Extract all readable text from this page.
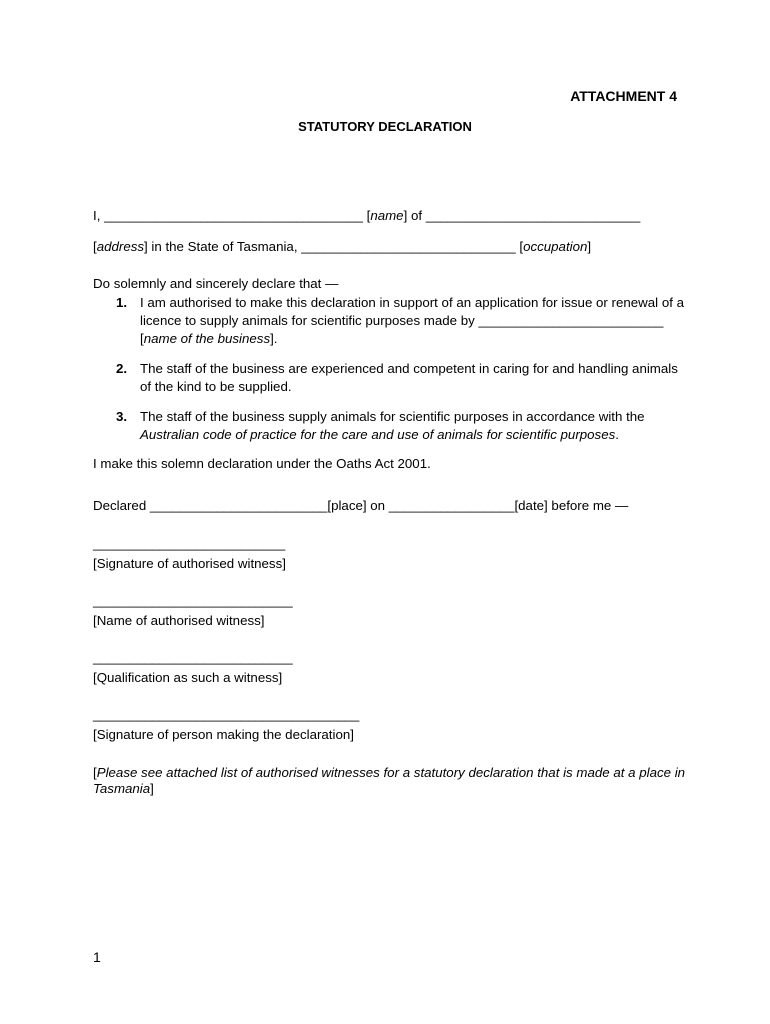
ATTACHMENT 4
STATUTORY DECLARATION
I, ___________________________________ [name] of _____________________________
[address] in the State of Tasmania, _____________________________ [occupation]
Do solemnly and sincerely declare that —
1. I am authorised to make this declaration in support of an application for issue or renewal of a licence to supply animals for scientific purposes made by _________________________ [name of the business].
2. The staff of the business are experienced and competent in caring for and handling animals of the kind to be supplied.
3. The staff of the business supply animals for scientific purposes in accordance with the Australian code of practice for the care and use of animals for scientific purposes.
I make this solemn declaration under the Oaths Act 2001.
Declared ________________________[place] on _________________[date] before me —
__________________________
[Signature of authorised witness]
___________________________
[Name of authorised witness]
___________________________
[Qualification as such a witness]
____________________________________
[Signature of person making the declaration]
[Please see attached list of authorised witnesses for a statutory declaration that is made at a place in Tasmania]
1
